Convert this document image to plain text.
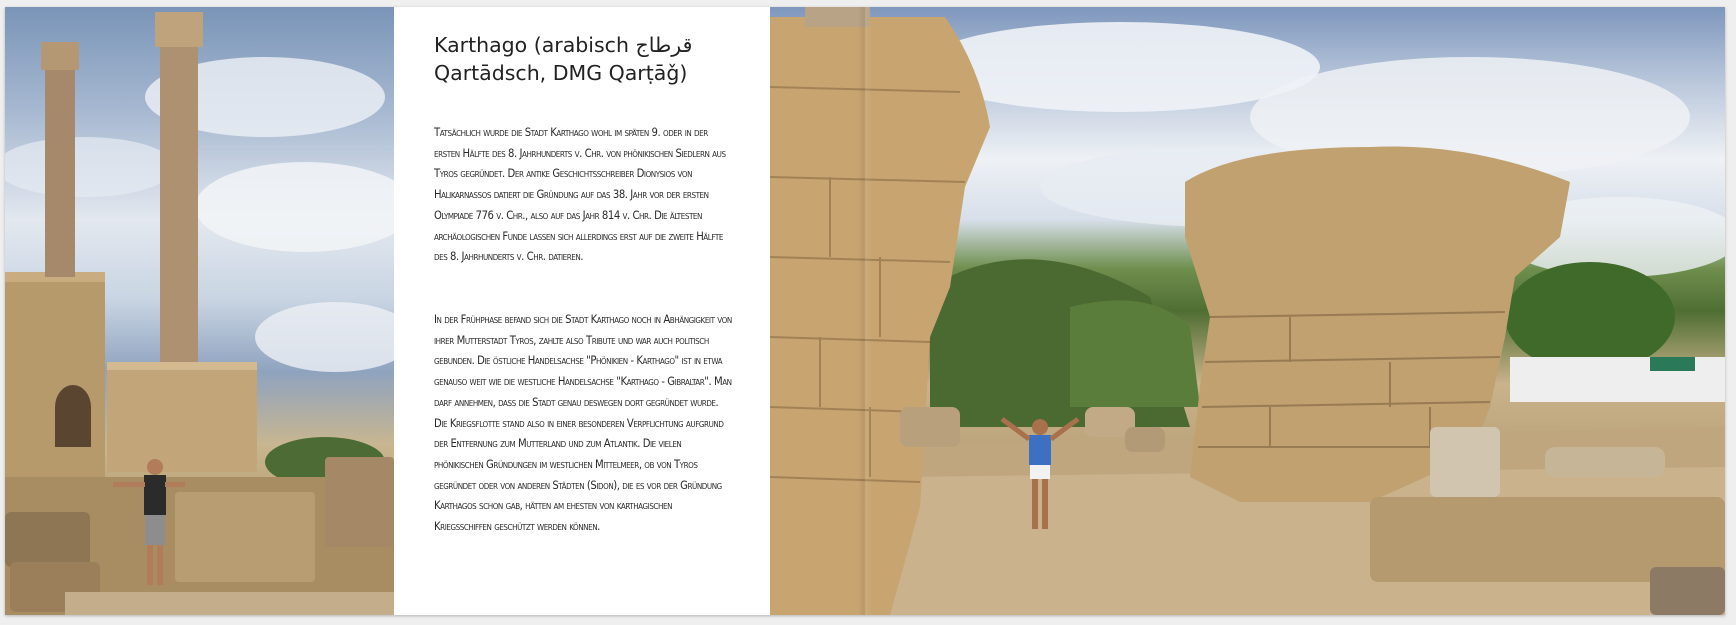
Karthago (arabisch قرطاج Qartādsch, DMG Qarṭāǧ)
Tatsächlich wurde die Stadt Karthago wohl im späten 9. oder in der ersten Hälfte des 8. Jahrhunderts v. Chr. von phönikischen Siedlern aus Tyros gegründet. Der antike Geschichtsschreiber Dionysios von Halikarnassos datiert die Gründung auf das 38. Jahr vor der ersten Olympiade 776 v. Chr., also auf das Jahr 814 v. Chr. Die ältesten archäologischen Funde lassen sich allerdings erst auf die zweite Hälfte des 8. Jahrhunderts v. Chr. datieren.
In der Frühphase befand sich die Stadt Karthago noch in Abhängigkeit von ihrer Mutterstadt Tyros, zahlte also Tribute und war auch politisch gebunden. Die östliche Handelsachse "Phönikien - Karthago" ist in etwa genauso weit wie die westliche Handelsachse "Karthago - Gibraltar". Man darf annehmen, dass die Stadt genau deswegen dort gegründet wurde. Die Kriegsflotte stand also in einer besonderen Verpflichtung aufgrund der Entfernung zum Mutterland und zum Atlantik. Die vielen phönikischen Gründungen im westlichen Mittelmeer, ob von Tyros gegründet oder von anderen Städten (Sidon), die es vor der Gründung Karthagos schon gab, hätten am ehesten von karthagischen Kriegsschiffen geschützt werden können.
